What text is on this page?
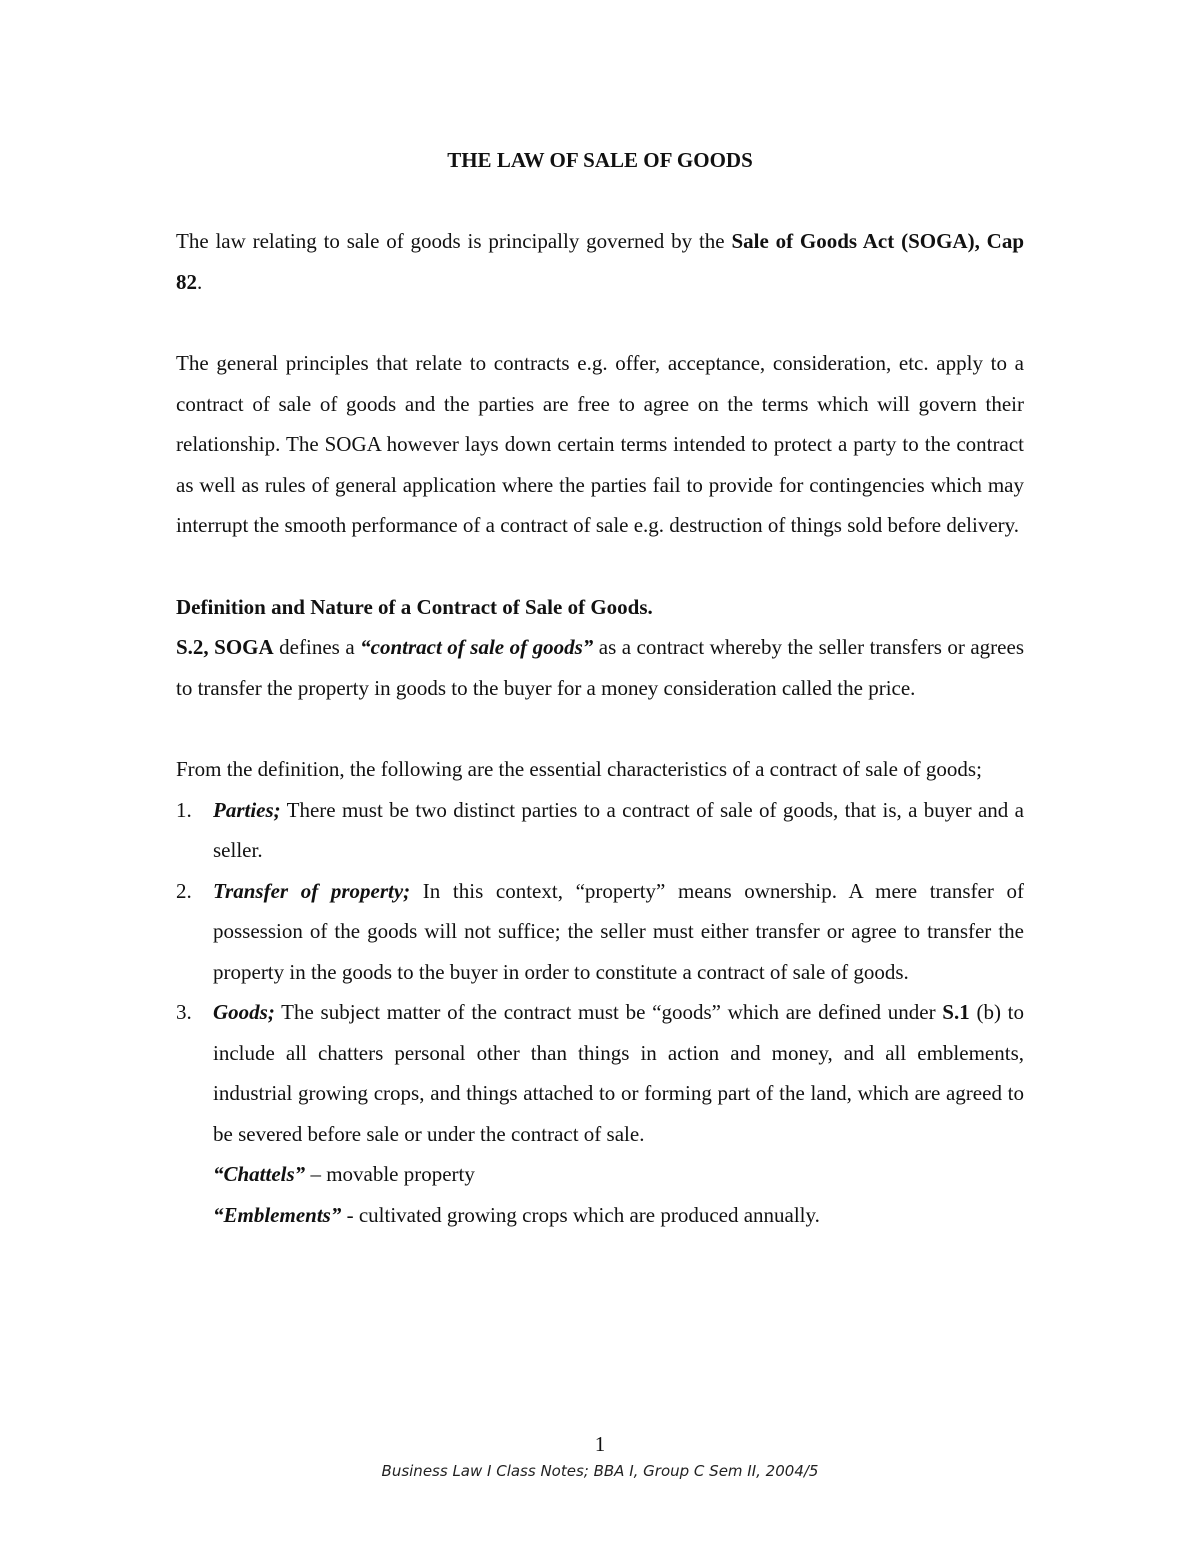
THE LAW OF SALE OF GOODS

The law relating to sale of goods is principally governed by the Sale of Goods Act (SOGA), Cap 82.

The general principles that relate to contracts e.g. offer, acceptance, consideration, etc. apply to a contract of sale of goods and the parties are free to agree on the terms which will govern their relationship. The SOGA however lays down certain terms intended to protect a party to the contract as well as rules of general application where the parties fail to provide for contingencies which may interrupt the smooth performance of a contract of sale e.g. destruction of things sold before delivery.

Definition and Nature of a Contract of Sale of Goods.

S.2, SOGA defines a “contract of sale of goods” as a contract whereby the seller transfers or agrees to transfer the property in goods to the buyer for a money consideration called the price.

From the definition, the following are the essential characteristics of a contract of sale of goods;

1. Parties; There must be two distinct parties to a contract of sale of goods, that is, a buyer and a seller.
2. Transfer of property; In this context, “property” means ownership. A mere transfer of possession of the goods will not suffice; the seller must either transfer or agree to transfer the property in the goods to the buyer in order to constitute a contract of sale of goods.
3. Goods; The subject matter of the contract must be “goods” which are defined under S.1 (b) to include all chatters personal other than things in action and money, and all emblements, industrial growing crops, and things attached to or forming part of the land, which are agreed to be severed before sale or under the contract of sale.

“Chattels” – movable property

“Emblements” - cultivated growing crops which are produced annually.

1
Business Law I Class Notes; BBA I, Group C Sem II, 2004/5
